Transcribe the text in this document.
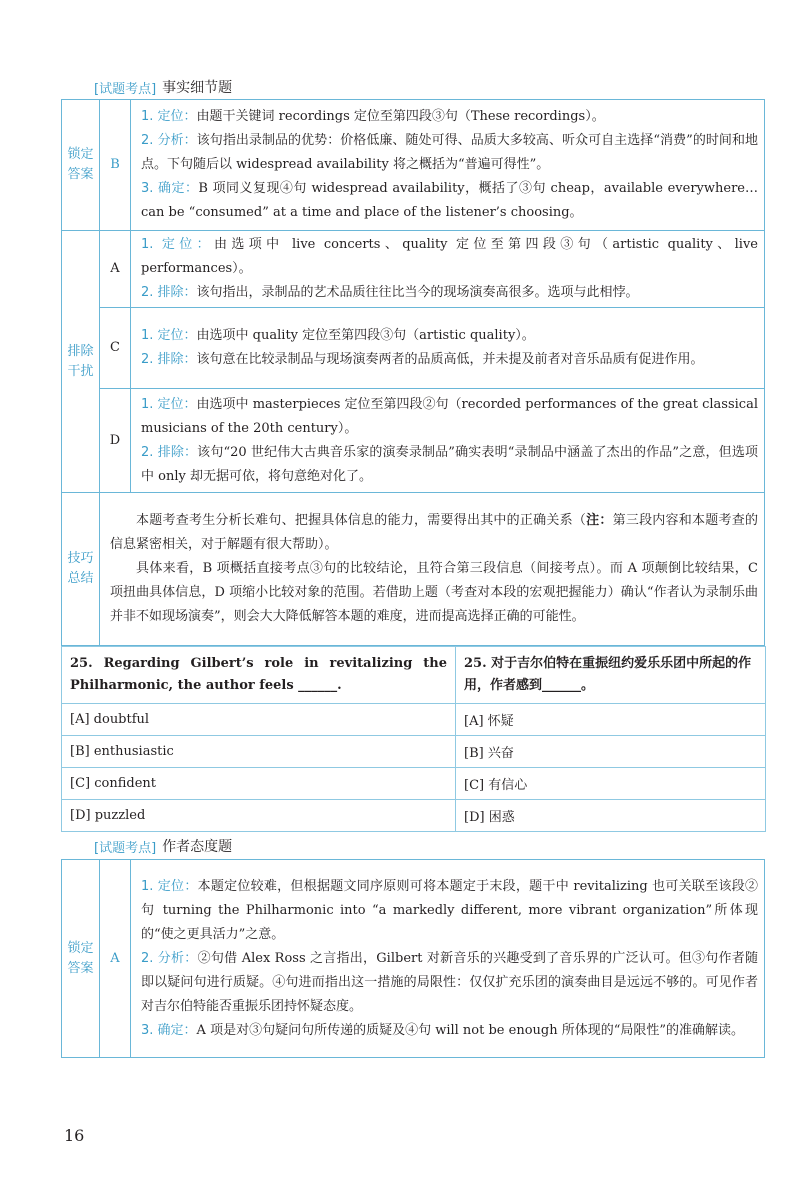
[试题考点] 事实细节题
锁定答案	B	1. 定位：由题干关键词 recordings 定位至第四段③句（These recordings）。

2. 分析：该句指出录制品的优势：价格低廉、随处可得、品质大多较高、听众可自主选择“消费”的时间和地点。下句随后以 widespread availability 将之概括为“普遍可得性”。

3. 确定：B 项同义复现④句 widespread availability，概括了③句 cheap，available everywhere…can be “consumed” at a time and place of the listener’s choosing。

排除干扰	A	1. 定位：由选项中 live concerts、quality 定位至第四段③句（artistic quality、live performances）。

2. 排除：该句指出，录制品的艺术品质往往比当今的现场演奏高很多。选项与此相悖。

	C	1. 定位：由选项中 quality 定位至第四段③句（artistic quality）。

2. 排除：该句意在比较录制品与现场演奏两者的品质高低，并未提及前者对音乐品质有促进作用。

	D	1. 定位：由选项中 masterpieces 定位至第四段②句（recorded performances of the great classical musicians of the 20th century）。

2. 排除：该句“20 世纪伟大古典音乐家的演奏录制品”确实表明“录制品中涵盖了杰出的作品”之意，但选项中 only 却无据可依，将句意绝对化了。

技巧总结	本题考查考生分析长难句、把握具体信息的能力，需要得出其中的正确关系（注：第三段内容和本题考查的信息紧密相关，对于解题有很大帮助）。

具体来看，B 项概括直接考点③句的比较结论，且符合第三段信息（间接考点）。而 A 项颠倒比较结果，C 项扭曲具体信息，D 项缩小比较对象的范围。若借助上题（考查对本段的宏观把握能力）确认“作者认为录制乐曲并非不如现场演奏”，则会大大降低解答本题的难度，进而提高选择正确的可能性。	

25. Regarding Gilbert’s role in revitalizing the Philharmonic, the author feels ______.	25. 对于吉尔伯特在重振纽约爱乐乐团中所起的作用，作者感到______。
[A] doubtful	[A] 怀疑
[B] enthusiastic	[B] 兴奋
[C] confident	[C] 有信心
[D] puzzled	[D] 困惑
[试题考点] 作者态度题
锁定答案	A	

1. 定位：本题定位较难，但根据题文同序原则可将本题定于末段，题干中 revitalizing 也可关联至该段②句 turning the Philharmonic into “a markedly different, more vibrant organization”所体现的“使之更具活力”之意。

2. 分析：②句借 Alex Ross 之言指出，Gilbert 对新音乐的兴趣受到了音乐界的广泛认可。但③句作者随即以疑问句进行质疑。④句进而指出这一措施的局限性：仅仅扩充乐团的演奏曲目是远远不够的。可见作者对吉尔伯特能否重振乐团持怀疑态度。

3. 确定：A 项是对③句疑问句所传递的质疑及④句 will not be enough 所体现的“局限性”的准确解读。

16
